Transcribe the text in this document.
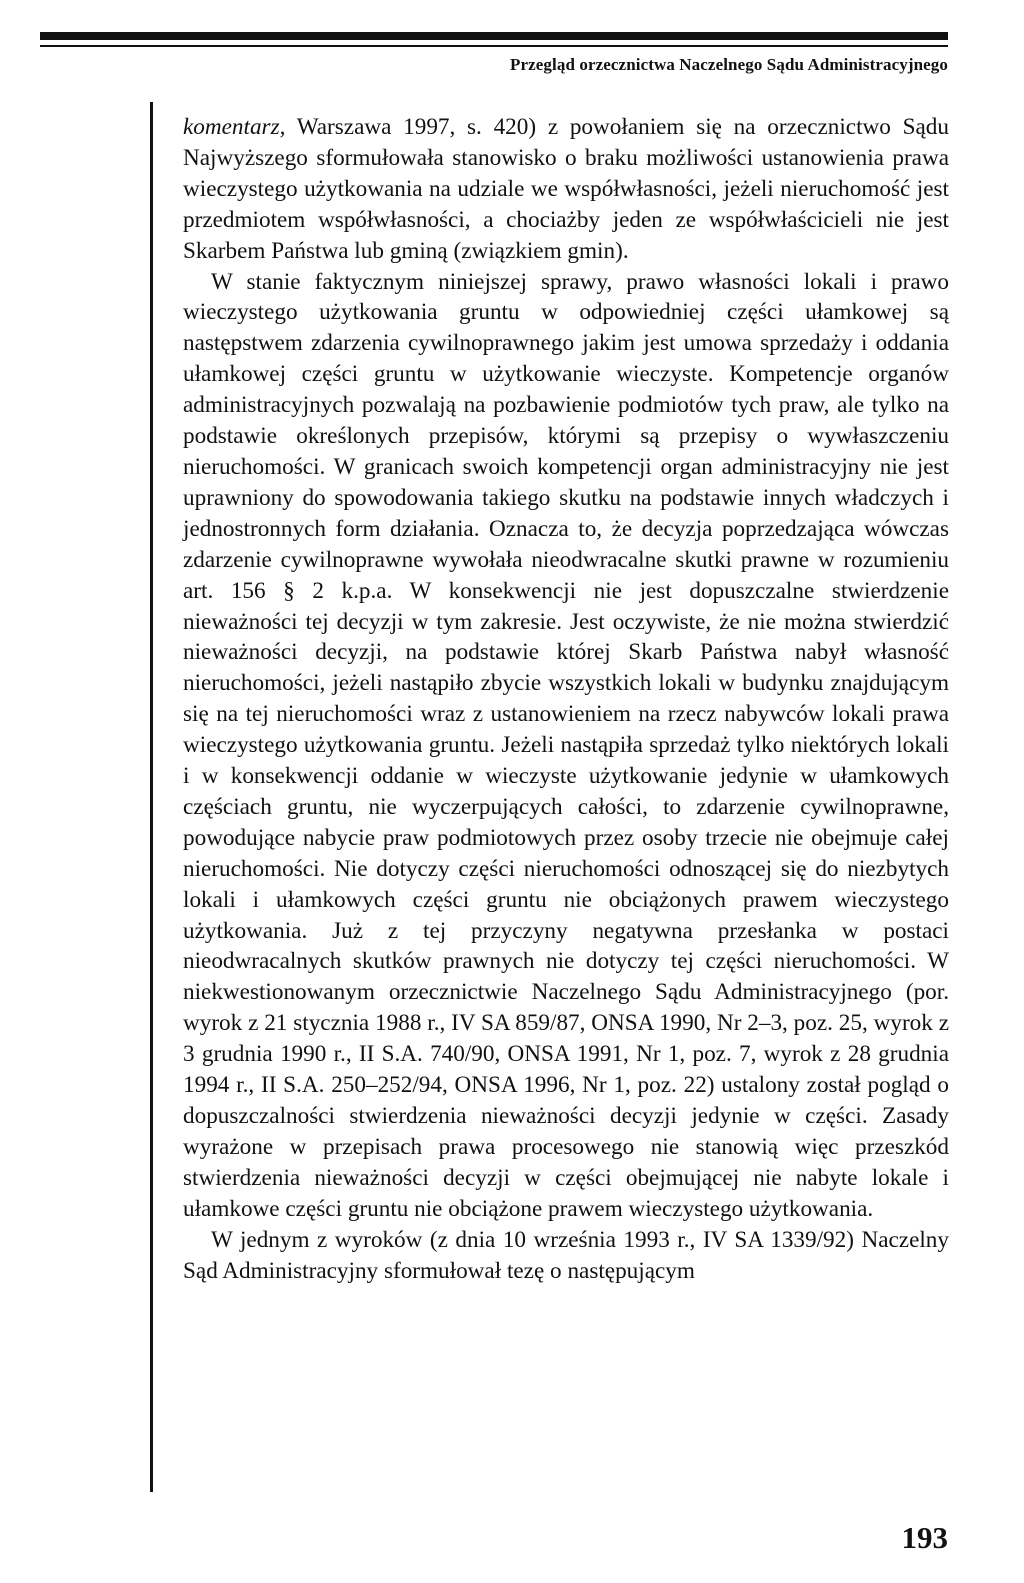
Przegląd orzecznictwa Naczelnego Sądu Administracyjnego

komentarz, Warszawa 1997, s. 420) z powołaniem się na orzecznictwo Sądu Najwyższego sformułowała stanowisko o braku możliwości ustanowienia prawa wieczystego użytkowania na udziale we współwłasności, jeżeli nieruchomość jest przedmiotem współwłasności, a chociażby jeden ze współwłaścicieli nie jest Skarbem Państwa lub gminą (związkiem gmin).

W stanie faktycznym niniejszej sprawy, prawo własności lokali i prawo wieczystego użytkowania gruntu w odpowiedniej części ułamkowej są następstwem zdarzenia cywilnoprawnego jakim jest umowa sprzedaży i oddania ułamkowej części gruntu w użytkowanie wieczyste. Kompetencje organów administracyjnych pozwalają na pozbawienie podmiotów tych praw, ale tylko na podstawie określonych przepisów, którymi są przepisy o wywłaszczeniu nieruchomości. W granicach swoich kompetencji organ administracyjny nie jest uprawniony do spowodowania takiego skutku na podstawie innych władczych i jednostronnych form działania. Oznacza to, że decyzja poprzedzająca wówczas zdarzenie cywilnoprawne wywołała nieodwracalne skutki prawne w rozumieniu art. 156 § 2 k.p.a. W konsekwencji nie jest dopuszczalne stwierdzenie nieważności tej decyzji w tym zakresie. Jest oczywiste, że nie można stwierdzić nieważności decyzji, na podstawie której Skarb Państwa nabył własność nieruchomości, jeżeli nastąpiło zbycie wszystkich lokali w budynku znajdującym się na tej nieruchomości wraz z ustanowieniem na rzecz nabywców lokali prawa wieczystego użytkowania gruntu. Jeżeli nastąpiła sprzedaż tylko niektórych lokali i w konsekwencji oddanie w wieczyste użytkowanie jedynie w ułamkowych częściach gruntu, nie wyczerpujących całości, to zdarzenie cywilnoprawne, powodujące nabycie praw podmiotowych przez osoby trzecie nie obejmuje całej nieruchomości. Nie dotyczy części nieruchomości odnoszącej się do niezbytych lokali i ułamkowych części gruntu nie obciążonych prawem wieczystego użytkowania. Już z tej przyczyny negatywna przesłanka w postaci nieodwracalnych skutków prawnych nie dotyczy tej części nieruchomości. W niekwestionowanym orzecznictwie Naczelnego Sądu Administracyjnego (por. wyrok z 21 stycznia 1988 r., IV SA 859/87, ONSA 1990, Nr 2–3, poz. 25, wyrok z 3 grudnia 1990 r., II S.A. 740/90, ONSA 1991, Nr 1, poz. 7, wyrok z 28 grudnia 1994 r., II S.A. 250–252/94, ONSA 1996, Nr 1, poz. 22) ustalony został pogląd o dopuszczalności stwierdzenia nieważności decyzji jedynie w części. Zasady wyrażone w przepisach prawa procesowego nie stanowią więc przeszkód stwierdzenia nieważności decyzji w części obejmującej nie nabyte lokale i ułamkowe części gruntu nie obciążone prawem wieczystego użytkowania.

W jednym z wyroków (z dnia 10 września 1993 r., IV SA 1339/92) Naczelny Sąd Administracyjny sformułował tezę o następującym

193
